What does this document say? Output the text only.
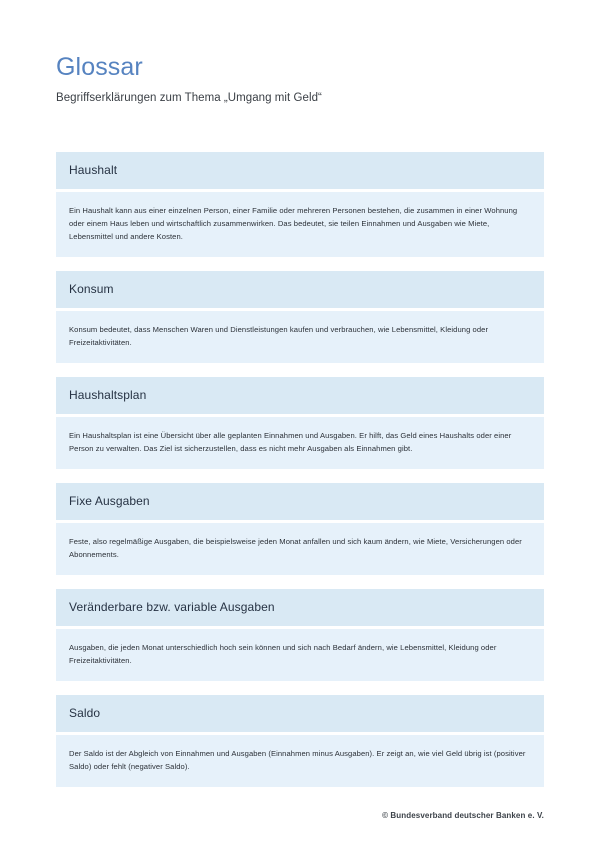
Glossar

Begriffserklärungen zum Thema „Umgang mit Geld“

Haushalt

Ein Haushalt kann aus einer einzelnen Person, einer Familie oder mehreren Personen bestehen, die zusammen in einer Wohnung oder einem Haus leben und wirtschaftlich zusammenwirken. Das bedeutet, sie teilen Einnahmen und Ausgaben wie Miete, Lebensmittel und andere Kosten.

Konsum

Konsum bedeutet, dass Menschen Waren und Dienstleistungen kaufen und verbrauchen, wie Lebensmittel, Kleidung oder Freizeitaktivitäten.

Haushaltsplan

Ein Haushaltsplan ist eine Übersicht über alle geplanten Einnahmen und Ausgaben. Er hilft, das Geld eines Haushalts oder einer Person zu verwalten. Das Ziel ist sicherzustellen, dass es nicht mehr Ausgaben als Einnahmen gibt.

Fixe Ausgaben

Feste, also regelmäßige Ausgaben, die beispielsweise jeden Monat anfallen und sich kaum ändern, wie Miete, Versicherungen oder Abonnements.

Veränderbare bzw. variable Ausgaben

Ausgaben, die jeden Monat unterschiedlich hoch sein können und sich nach Bedarf ändern, wie Lebensmittel, Kleidung oder Freizeitaktivitäten.

Saldo

Der Saldo ist der Abgleich von Einnahmen und Ausgaben (Einnahmen minus Ausgaben). Er zeigt an, wie viel Geld übrig ist (positiver Saldo) oder fehlt (negativer Saldo).

© Bundesverband deutscher Banken e. V.
